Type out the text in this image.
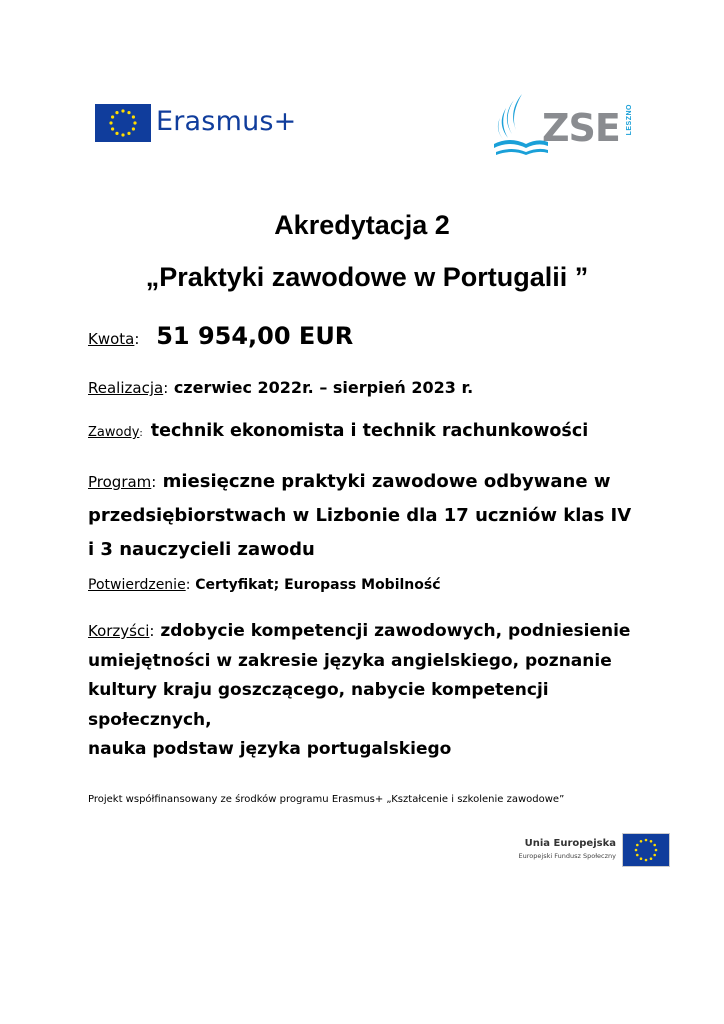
Erasmus+	ZSE LESZNO
Akredytacja 2
„Praktyki zawodowe w Portugalii ”
Kwota: 51 954,00 EUR
Realizacja: czerwiec 2022r. – sierpień 2023 r.
Zawody: technik ekonomista i technik rachunkowości
Program: miesięczne praktyki zawodowe odbywane w
przedsiębiorstwach w Lizbonie dla 17 uczniów klas IV
i 3 nauczycieli zawodu
Potwierdzenie: Certyfikat; Europass Mobilność
Korzyści: zdobycie kompetencji zawodowych, podniesienie
umiejętności w zakresie języka angielskiego, poznanie
kultury kraju goszczącego, nabycie kompetencji społecznych,
nauka podstaw języka portugalskiego
Projekt współfinansowany ze środków programu Erasmus+ „Kształcenie i szkolenie zawodowe”
Unia Europejska
Europejski Fundusz Społeczny
